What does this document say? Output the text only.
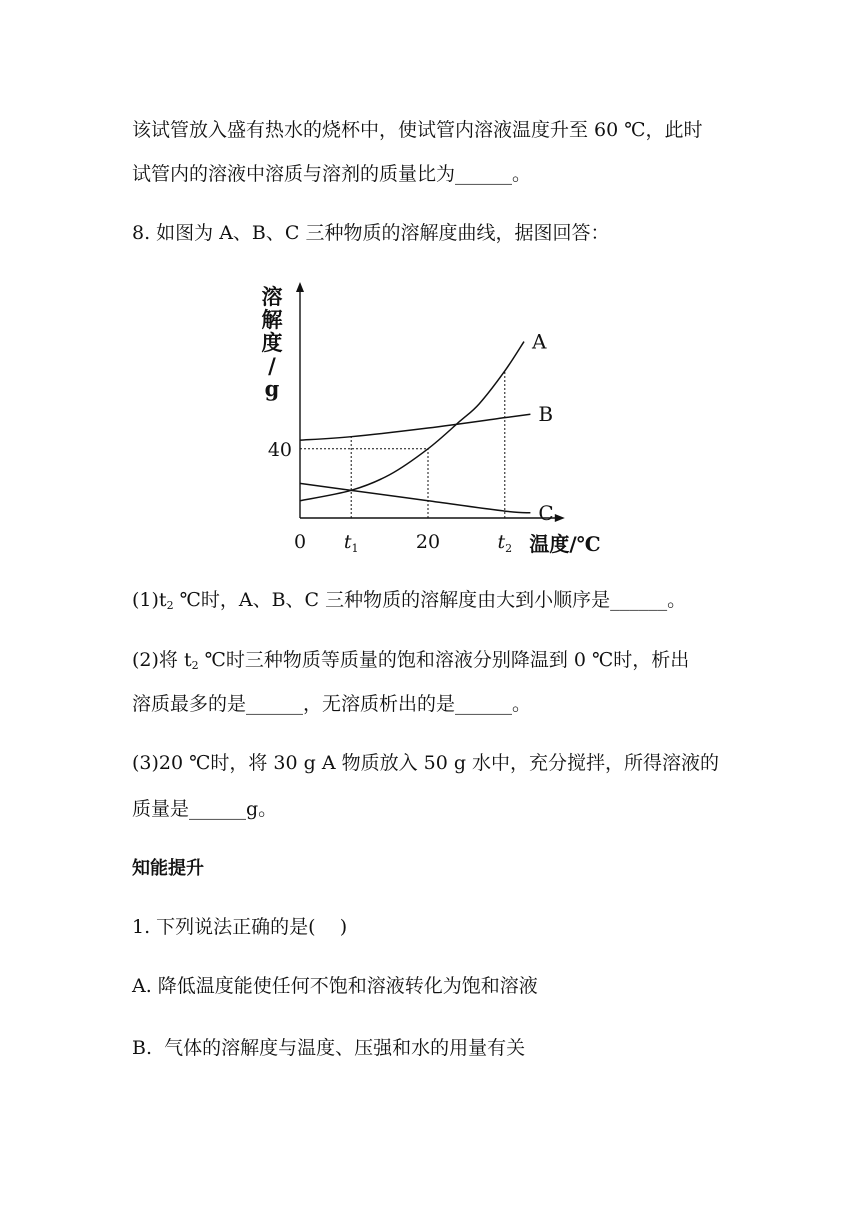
该试管放入盛有热水的烧杯中，使试管内溶液温度升至 60 ℃，此时
试管内的溶液中溶质与溶剂的质量比为______。
8. 如图为 A、B、C 三种物质的溶解度曲线，据图回答：
A
B
C
0 $t_1$	20	$t_2$
40
溶
解
度
/
g
温度/℃
$(1)t_2$ ℃时，A、B、C 三种物质的溶解度由大到小顺序是______。
(2)将 $t_2$ ℃时三种物质等质量的饱和溶液分别降温到 0 ℃时，析出
溶质最多的是______，无溶质析出的是______。
(3)20 ℃时，将 30 g A 物质放入 50 g 水中，充分搅拌，所得溶液的
质量是______g。
知能提升
1. 下列说法正确的是(    )
A. 降低温度能使任何不饱和溶液转化为饱和溶液
B.  气体的溶解度与温度、压强和水的用量有关
